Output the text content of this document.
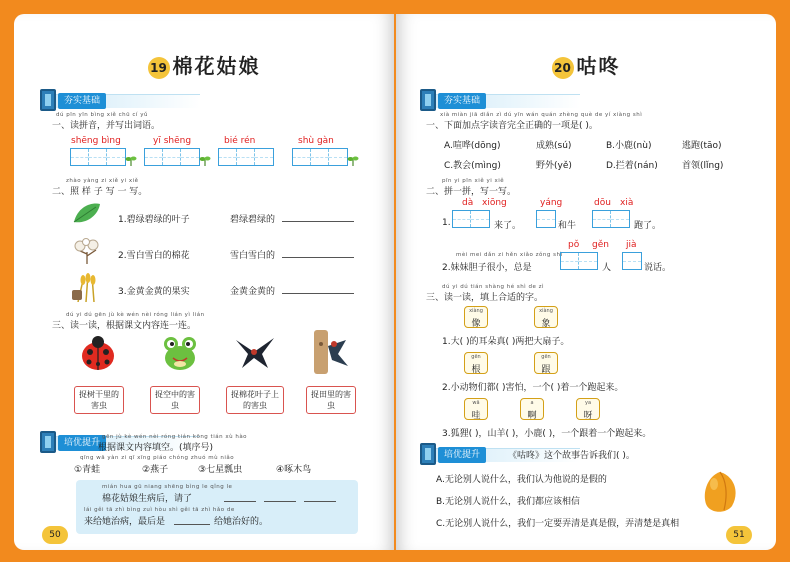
19 棉花姑娘
夯实基础
dú pīn yīn bìng xiě chū cí yǔ
一、读拼音，并写出词语。
shēng bìng	yī shēng	bié rén	shù gàn
zhào yàng zi xiě yi xiě
二、照 样 子 写 一 写。
1.碧绿碧绿的叶子	碧绿碧绿的
2.雪白雪白的棉花	雪白雪白的
3.金黄金黄的果实	金黄金黄的
dú yi dú gēn jù kè wén nèi róng lián yì lián
三、读一读，根据课文内容连一连。
捉树干里的害虫
捉空中的害虫
捉棉花叶子上的害虫
捉田里的害虫
培优提升
gēn jù kè wén nèi róng tián kōng tián xù hào
根据课文内容填空。(填序号)
qīng wā yàn zi qī xīng piáo chóng zhuó mù niǎo
①青蛙	②燕子	③七星瓢虫	④啄木鸟
mián hua gū niang shēng bìng le qǐng le
棉花姑娘生病后，请了
lái gěi tā zhì bìng zuì hòu shì gěi tā zhì hǎo de
来给她治病，最后是	给她治好的。
50
20 咕咚
夯实基础
xià miàn jiā diǎn zì dú yīn wán quán zhèng què de yí xiàng shì
一、下面加点字读音完全正确的一项是( )。
A.喧哗(dōng)	成熟(sú)	B.小鹿(nù)	逃跑(tāo)
C.教会(mìng)	野外(yě)	D.拦着(nán)	首领(lǐng)
pīn yi pīn xiě yi xiě
二、拼一拼，写一写。
dà xiōng
1.	来了。
yáng
和牛
dōu xià
跑了。
mèi mei dǎn zi hěn xiǎo zǒng shì
2.妹妹胆子很小，总是
pǒ gěn
人
jià
说话。
dú yi dú tián shàng hé shì de zì
三、读一读，填上合适的字。
xiàng
像
xiàng
象
1.大( )的耳朵真( )两把大扇子。
gēn
根
gēn
跟
2.小动物们都( )害怕，一个( )着一个跑起来。
wā
哇
a
啊
ya
呀
3.狐狸( )，山羊( )，小鹿( )，一个跟着一个跑起来。
培优提升	《咕咚》这个故事告诉我们( )。
A.无论别人说什么，我们认为他说的是假的
B.无论别人说什么，我们都应该相信
C.无论别人说什么，我们一定要弄清是真是假，弄清楚是真相
51
